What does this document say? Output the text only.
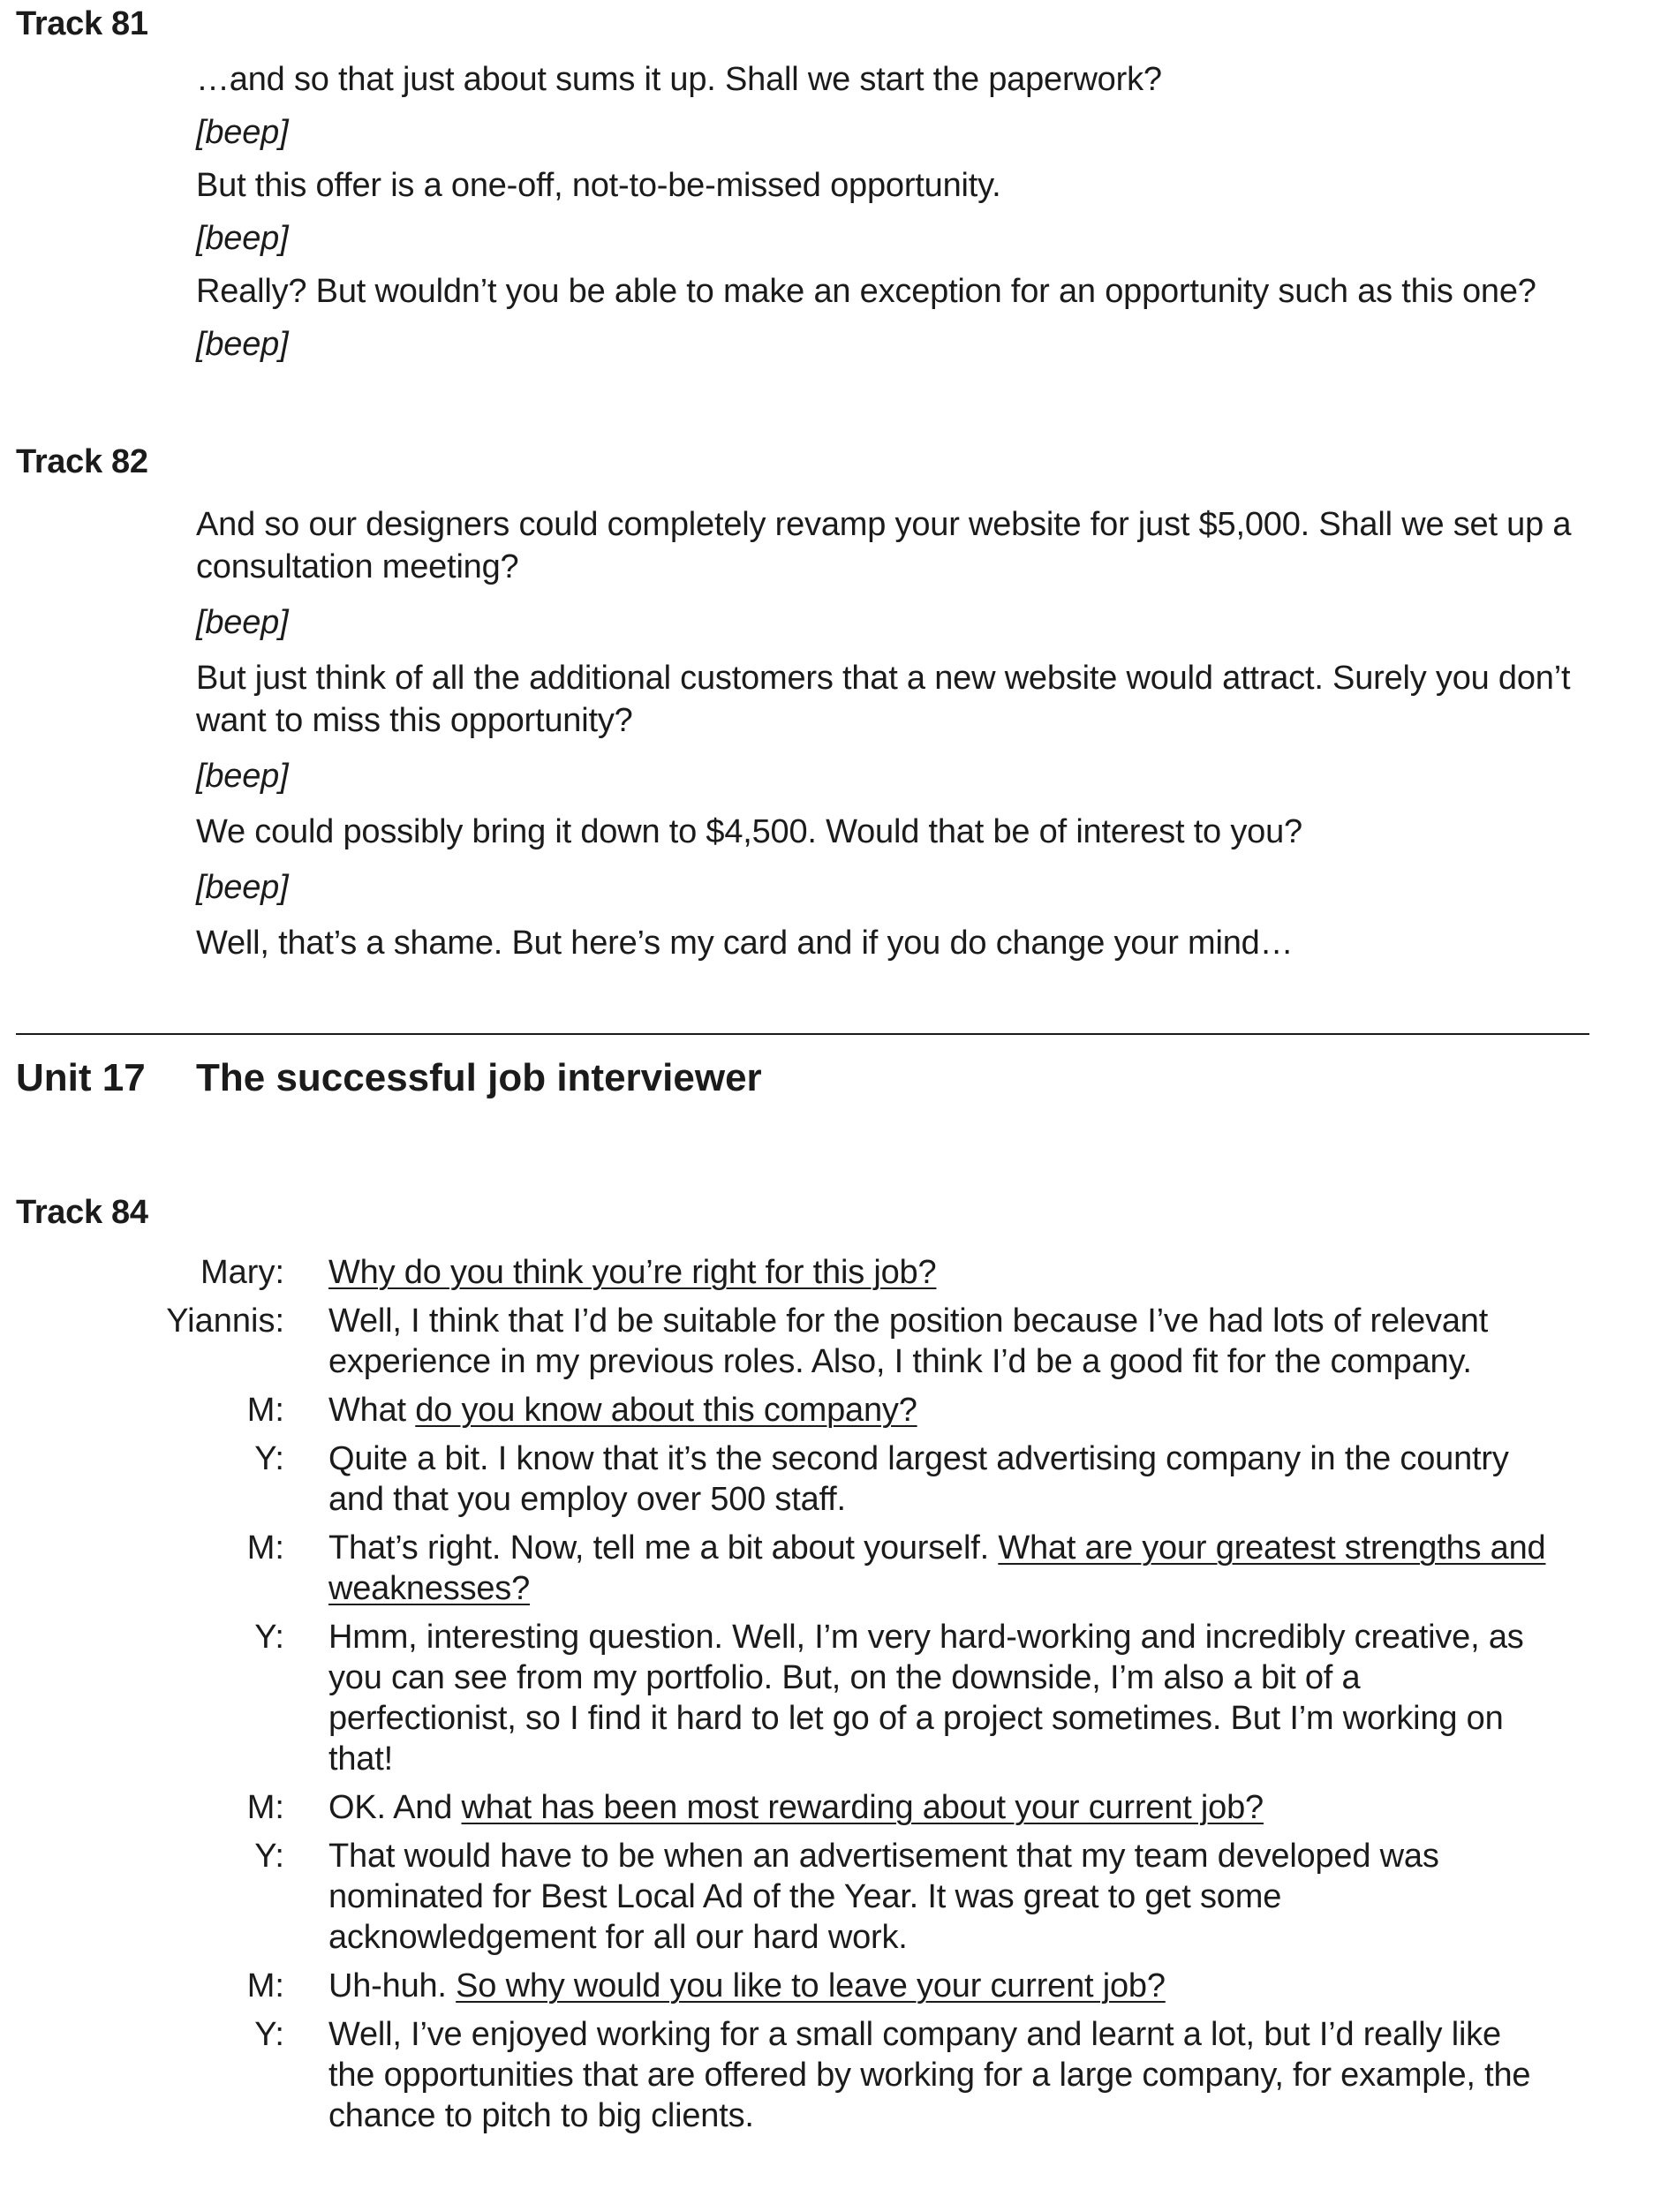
Track 81

…and so that just about sums it up. Shall we start the paperwork?

[beep]

But this offer is a one-off, not-to-be-missed opportunity.

[beep]

Really? But wouldn’t you be able to make an exception for an opportunity such as this one?

[beep]

Track 82

And so our designers could completely revamp your website for just $5,000. Shall we set up a consultation meeting?

[beep]

But just think of all the additional customers that a new website would attract. Surely you don’t want to miss this opportunity?

[beep]

We could possibly bring it down to $4,500. Would that be of interest to you?

[beep]

Well, that’s a shame. But here’s my card and if you do change your mind…

Unit 17 The successful job interviewer
Track 84
Mary:	Why do you think you’re right for this job?
Yiannis:	Well, I think that I’d be suitable for the position because I’ve had lots of relevant experience in my previous roles. Also, I think I’d be a good fit for the company.
M:	What do you know about this company?
Y:	Quite a bit. I know that it’s the second largest advertising company in the country and that you employ over 500 staff.
M:	That’s right. Now, tell me a bit about yourself. What are your greatest strengths and weaknesses?
Y:	Hmm, interesting question. Well, I’m very hard-working and incredibly creative, as you can see from my portfolio. But, on the downside, I’m also a bit of a perfectionist, so I find it hard to let go of a project sometimes. But I’m working on that!
M:	OK. And what has been most rewarding about your current job?
Y:	That would have to be when an advertisement that my team developed was nominated for Best Local Ad of the Year. It was great to get some acknowledgement for all our hard work.
M:	Uh-huh. So why would you like to leave your current job?
Y:	Well, I’ve enjoyed working for a small company and learnt a lot, but I’d really like the opportunities that are offered by working for a large company, for example, the chance to pitch to big clients.
